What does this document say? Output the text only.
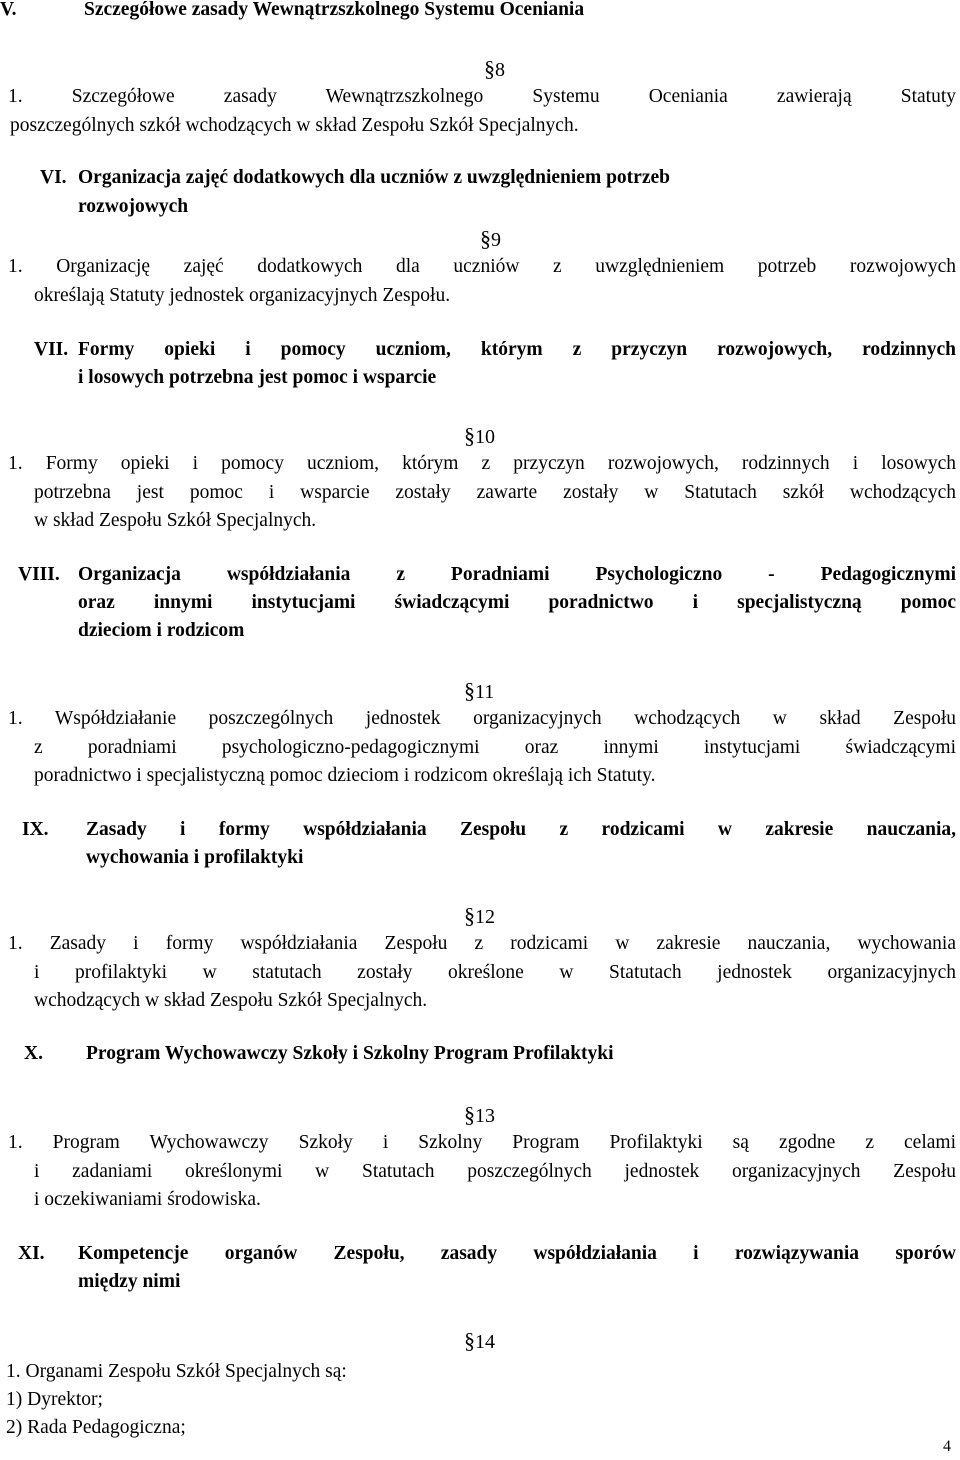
V.	Szczegółowe zasady Wewnątrzszkolnego Systemu Oceniania
§8
1. Szczegółowe zasady Wewnątrzszkolnego Systemu Oceniania zawierają Statuty
poszczególnych szkół wchodzących w skład Zespołu Szkół Specjalnych.
VI. Organizacja zajęć dodatkowych dla uczniów z uwzględnieniem potrzeb
rozwojowych
§9
1. Organizację zajęć dodatkowych dla uczniów z uwzględnieniem potrzeb rozwojowych
określają Statuty jednostek organizacyjnych Zespołu.
VII. Formy opieki i pomocy uczniom, którym z przyczyn rozwojowych, rodzinnych
i losowych potrzebna jest pomoc i wsparcie
§10
1. Formy opieki i pomocy uczniom, którym z przyczyn rozwojowych, rodzinnych i losowych
potrzebna jest pomoc i wsparcie zostały zawarte zostały w Statutach szkół wchodzących
w skład Zespołu Szkół Specjalnych.
VIII. Organizacja współdziałania z Poradniami Psychologiczno - Pedagogicznymi
oraz innymi instytucjami świadczącymi poradnictwo i specjalistyczną pomoc
dzieciom i rodzicom
§11
1. Współdziałanie poszczególnych jednostek organizacyjnych wchodzących w skład Zespołu
z poradniami psychologiczno-pedagogicznymi oraz innymi instytucjami świadczącymi
poradnictwo i specjalistyczną pomoc dzieciom i rodzicom określają ich Statuty.
IX. Zasady i formy współdziałania Zespołu z rodzicami w zakresie nauczania,
wychowania i profilaktyki
§12
1. Zasady i formy współdziałania Zespołu z rodzicami w zakresie nauczania, wychowania
i profilaktyki w statutach zostały określone w Statutach jednostek organizacyjnych
wchodzących w skład Zespołu Szkół Specjalnych.
X. Program Wychowawczy Szkoły i Szkolny Program Profilaktyki
§13
1. Program Wychowawczy Szkoły i Szkolny Program Profilaktyki są zgodne z celami
i zadaniami określonymi w Statutach poszczególnych jednostek organizacyjnych Zespołu
i oczekiwaniami środowiska.
XI. Kompetencje organów Zespołu, zasady współdziałania i rozwiązywania sporów
między nimi
§14
1. Organami Zespołu Szkół Specjalnych są:
1) Dyrektor;
2) Rada Pedagogiczna;
4
